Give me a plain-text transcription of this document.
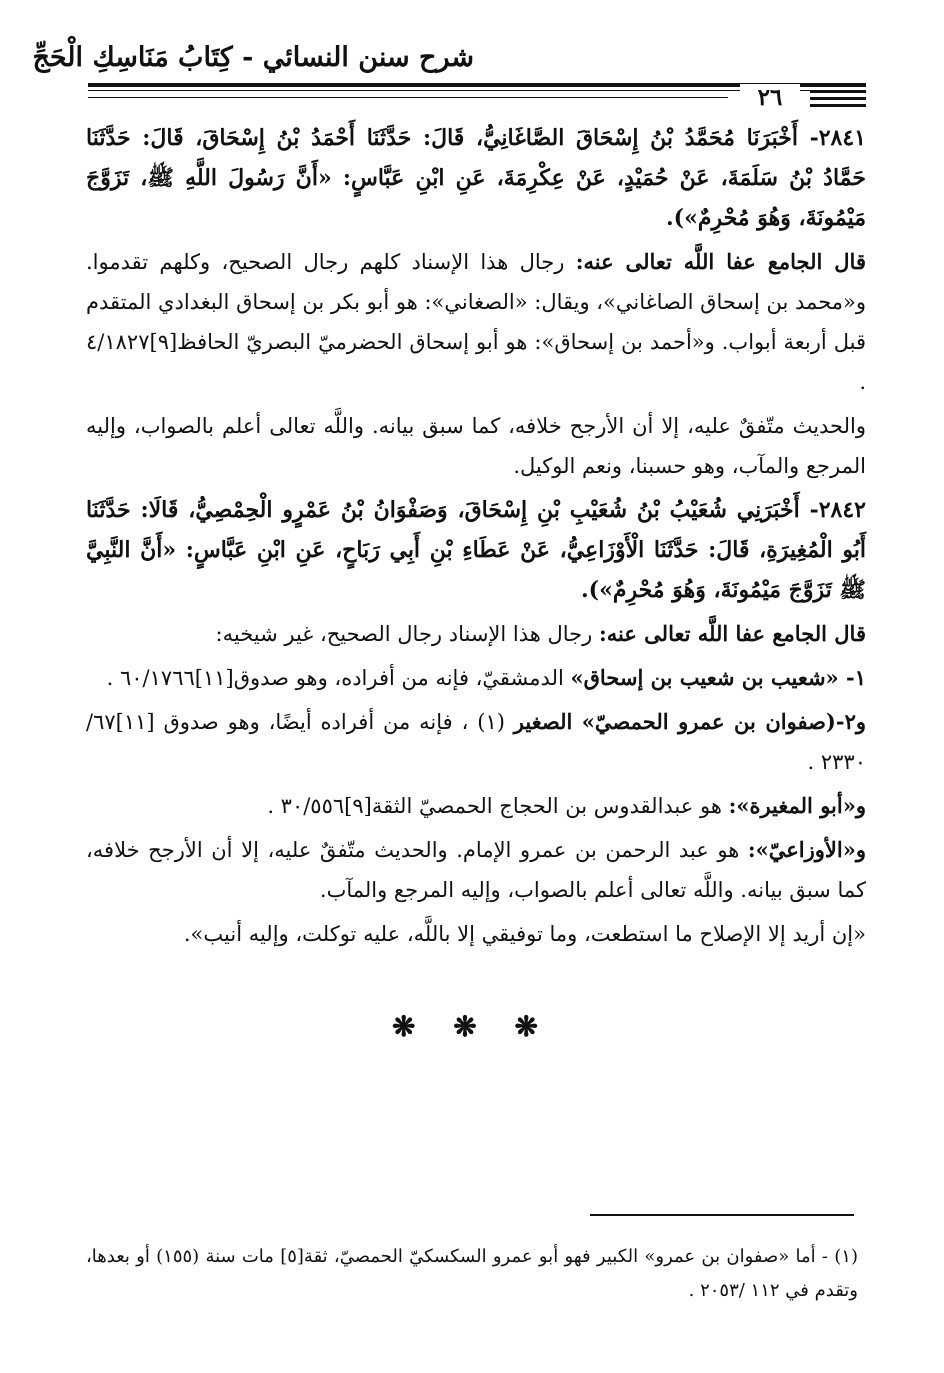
شرح سنن النسائي - كِتَابُ مَنَاسِكِ الْحَجِّ
٢٦

٢٨٤١- أَخْبَرَنَا مُحَمَّدُ بْنُ إِسْحَاقَ الصَّاغَانِيُّ، قَالَ: حَدَّثَنَا أَحْمَدُ بْنُ إِسْحَاقَ، قَالَ: حَدَّثَنَا حَمَّادُ بْنُ سَلَمَةَ، عَنْ حُمَيْدٍ، عَنْ عِكْرِمَةَ، عَنِ ابْنِ عَبَّاسٍ: «أَنَّ رَسُولَ اللَّهِ ﷺ، تَزَوَّجَ مَيْمُونَةَ، وَهُوَ مُحْرِمٌ»).

قال الجامع عفا اللَّه تعالى عنه: رجال هذا الإسناد كلهم رجال الصحيح، وكلهم تقدموا. و«محمد بن إسحاق الصاغاني»، ويقال: «الصغاني»: هو أبو بكر بن إسحاق البغدادي المتقدم قبل أربعة أبواب. و«أحمد بن إسحاق»: هو أبو إسحاق الحضرميّ البصريّ الحافظ[٩]٤/١٨٢٧ .

والحديث متّفقٌ عليه، إلا أن الأرجح خلافه، كما سبق بيانه. واللَّه تعالى أعلم بالصواب، وإليه المرجع والمآب، وهو حسبنا، ونعم الوكيل.

٢٨٤٢- أَخْبَرَنِي شُعَيْبُ بْنُ شُعَيْبِ بْنِ إِسْحَاقَ، وَصَفْوَانُ بْنُ عَمْرٍو الْحِمْصِيُّ، قَالَا: حَدَّثَنَا أَبُو الْمُغِيرَةِ، قَالَ: حَدَّثَنَا الْأَوْزَاعِيُّ، عَنْ عَطَاءِ بْنِ أَبِي رَبَاحٍ، عَنِ ابْنِ عَبَّاسٍ: «أَنَّ النَّبِيَّ ﷺ تَزَوَّجَ مَيْمُونَةَ، وَهُوَ مُحْرِمٌ»).

قال الجامع عفا اللَّه تعالى عنه: رجال هذا الإسناد رجال الصحيح، غير شيخيه:

١- «شعيب بن شعيب بن إسحاق» الدمشقيّ، فإنه من أفراده، وهو صدوق[١١]٦٠/١٧٦٦ .

و٢-(صفوان بن عمرو الحمصيّ» الصغير (١) ، فإنه من أفراده أيضًا، وهو صدوق [١١]٦٧/ ٢٣٣٠ .

و«أبو المغيرة»: هو عبدالقدوس بن الحجاج الحمصيّ الثقة[٩]٣٠/٥٥٦ .

و«الأوزاعيّ»: هو عبد الرحمن بن عمرو الإمام. والحديث متّفقٌ عليه، إلا أن الأرجح خلافه، كما سبق بيانه. واللَّه تعالى أعلم بالصواب، وإليه المرجع والمآب.

«إن أريد إلا الإصلاح ما استطعت، وما توفيقي إلا باللَّه، عليه توكلت، وإليه أنيب».

❋ ❋ ❋
(١) - أما «صفوان بن عمرو» الكبير فهو أبو عمرو السكسكيّ الحمصيّ، ثقة[٥] مات سنة (١٥٥) أو بعدها، وتقدم في ١١٢ /٢٠٥٣ .
